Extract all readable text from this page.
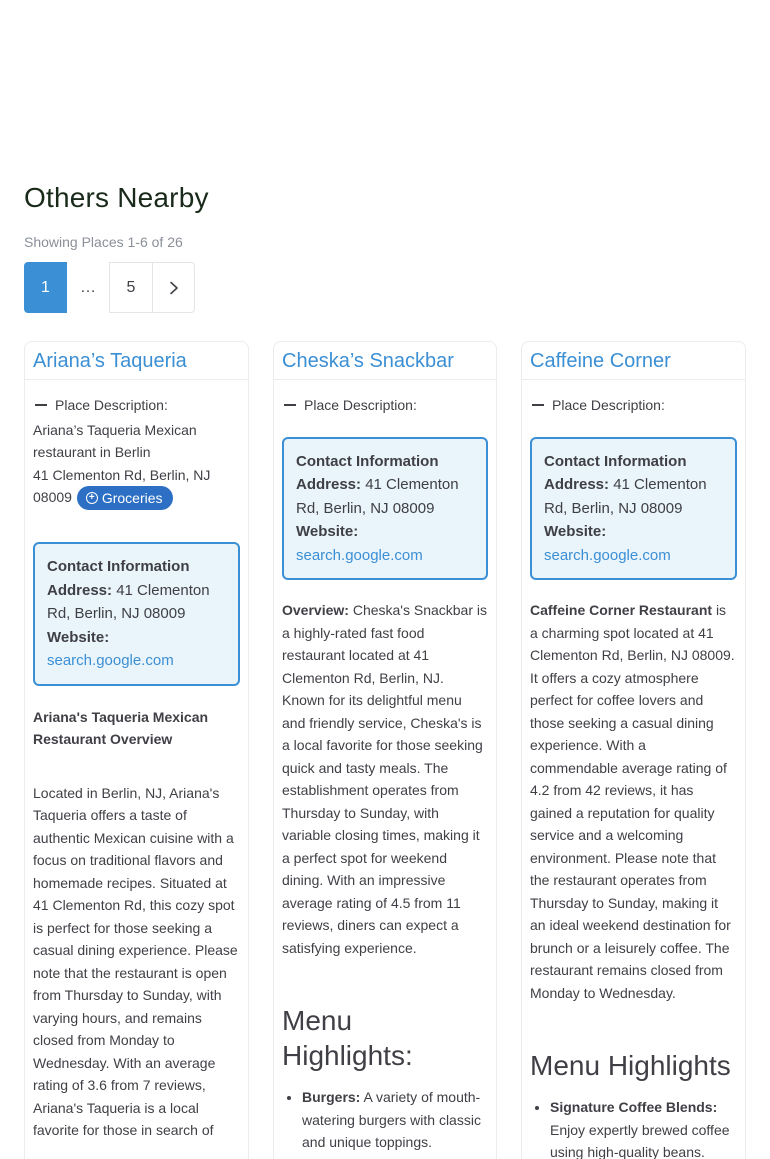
Others Nearby
Showing Places 1-6 of 26
1	…	5
Ariana’s Taqueria
Place Description:
Ariana’s Taqueria Mexican restaurant in Berlin
41 Clementon Rd, Berlin, NJ 08009	+ Groceries
Contact Information
Address: 41 Clementon Rd, Berlin, NJ 08009
Website:
search.google.com
Ariana's Taqueria Mexican Restaurant Overview
Located in Berlin, NJ, Ariana's Taqueria offers a taste of authentic Mexican cuisine with a focus on traditional flavors and homemade recipes. Situated at 41 Clementon Rd, this cozy spot is perfect for those seeking a casual dining experience. Please note that the restaurant is open from Thursday to Sunday, with varying hours, and remains closed from Monday to Wednesday. With an average rating of 3.6 from 7 reviews, Ariana's Taqueria is a local favorite for those in search of
Cheska’s Snackbar
Place Description:
Contact Information
Address: 41 Clementon Rd, Berlin, NJ 08009
Website:
search.google.com
Overview: Cheska's Snackbar is a highly-rated fast food restaurant located at 41 Clementon Rd, Berlin, NJ. Known for its delightful menu and friendly service, Cheska's is a local favorite for those seeking quick and tasty meals. The establishment operates from Thursday to Sunday, with variable closing times, making it a perfect spot for weekend dining. With an impressive average rating of 4.5 from 11 reviews, diners can expect a satisfying experience.
Menu Highlights:
• Burgers: A variety of mouth-watering burgers with classic and unique toppings.
Caffeine Corner
Place Description:
Contact Information
Address: 41 Clementon Rd, Berlin, NJ 08009
Website:
search.google.com
Caffeine Corner Restaurant is a charming spot located at 41 Clementon Rd, Berlin, NJ 08009. It offers a cozy atmosphere perfect for coffee lovers and those seeking a casual dining experience. With a commendable average rating of 4.2 from 42 reviews, it has gained a reputation for quality service and a welcoming environment. Please note that the restaurant operates from Thursday to Sunday, making it an ideal weekend destination for brunch or a leisurely coffee. The restaurant remains closed from Monday to Wednesday.
Menu Highlights
• Signature Coffee Blends: Enjoy expertly brewed coffee using high-quality beans.
